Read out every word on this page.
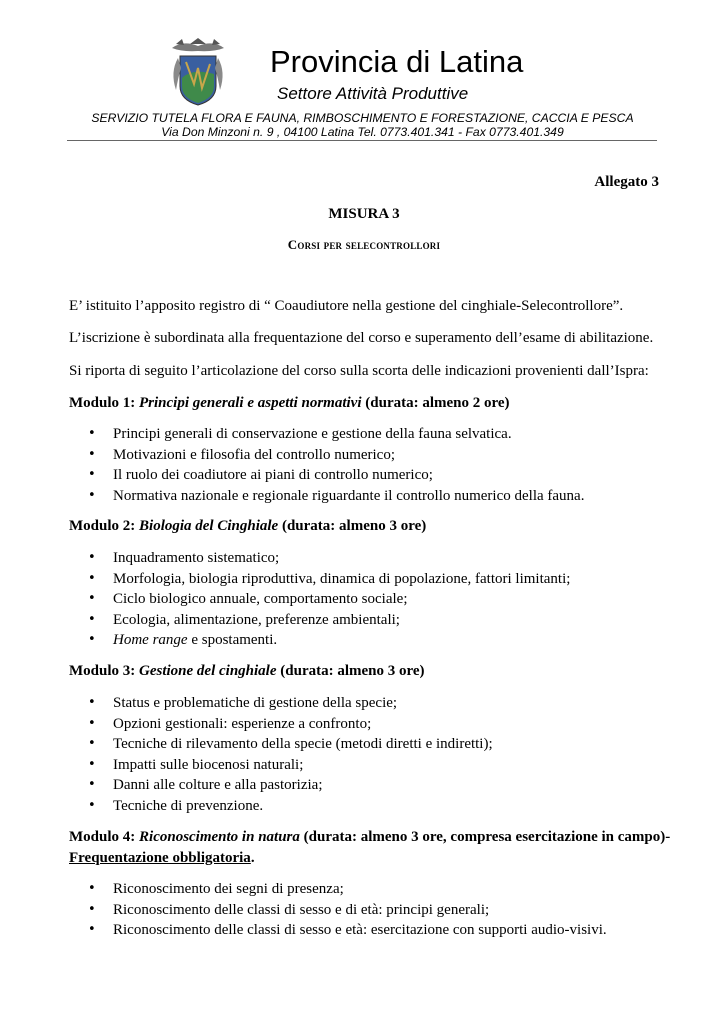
Provincia di Latina
Settore Attività Produttive
SERVIZIO TUTELA FLORA E FAUNA, RIMBOSCHIMENTO E FORESTAZIONE, CACCIA E PESCA
Via Don Minzoni n. 9 , 04100 Latina Tel. 0773.401.341 - Fax 0773.401.349
Allegato 3
MISURA 3
Corsi per selecontrollori
E’ istituito l’apposito registro di “ Coaudiutore nella gestione del cinghiale-Selecontrollore”.
L’iscrizione è subordinata alla frequentazione del corso e superamento dell’esame di abilitazione.
Si riporta di seguito l’articolazione del corso sulla scorta delle indicazioni provenienti dall’Ispra:
Modulo 1: Principi generali e aspetti normativi (durata: almeno 2 ore)
• Principi generali di conservazione e gestione della fauna selvatica.
• Motivazioni e filosofia del controllo numerico;
• Il ruolo dei coadiutore ai piani di controllo numerico;
• Normativa nazionale e regionale riguardante il controllo numerico della fauna.
Modulo 2: Biologia del Cinghiale (durata: almeno 3 ore)
• Inquadramento sistematico;
• Morfologia, biologia riproduttiva, dinamica di popolazione, fattori limitanti;
• Ciclo biologico annuale, comportamento sociale;
• Ecologia, alimentazione, preferenze ambientali;
• Home range e spostamenti.
Modulo 3: Gestione del cinghiale (durata: almeno 3 ore)
• Status e problematiche di gestione della specie;
• Opzioni gestionali: esperienze a confronto;
• Tecniche di rilevamento della specie (metodi diretti e indiretti);
• Impatti sulle biocenosi naturali;
• Danni alle colture e alla pastorizia;
• Tecniche di prevenzione.
Modulo 4: Riconoscimento in natura (durata: almeno 3 ore, compresa esercitazione in campo)-
Frequentazione obbligatoria.
• Riconoscimento dei segni di presenza;
• Riconoscimento delle classi di sesso e di età: principi generali;
• Riconoscimento delle classi di sesso e età: esercitazione con supporti audio-visivi.
